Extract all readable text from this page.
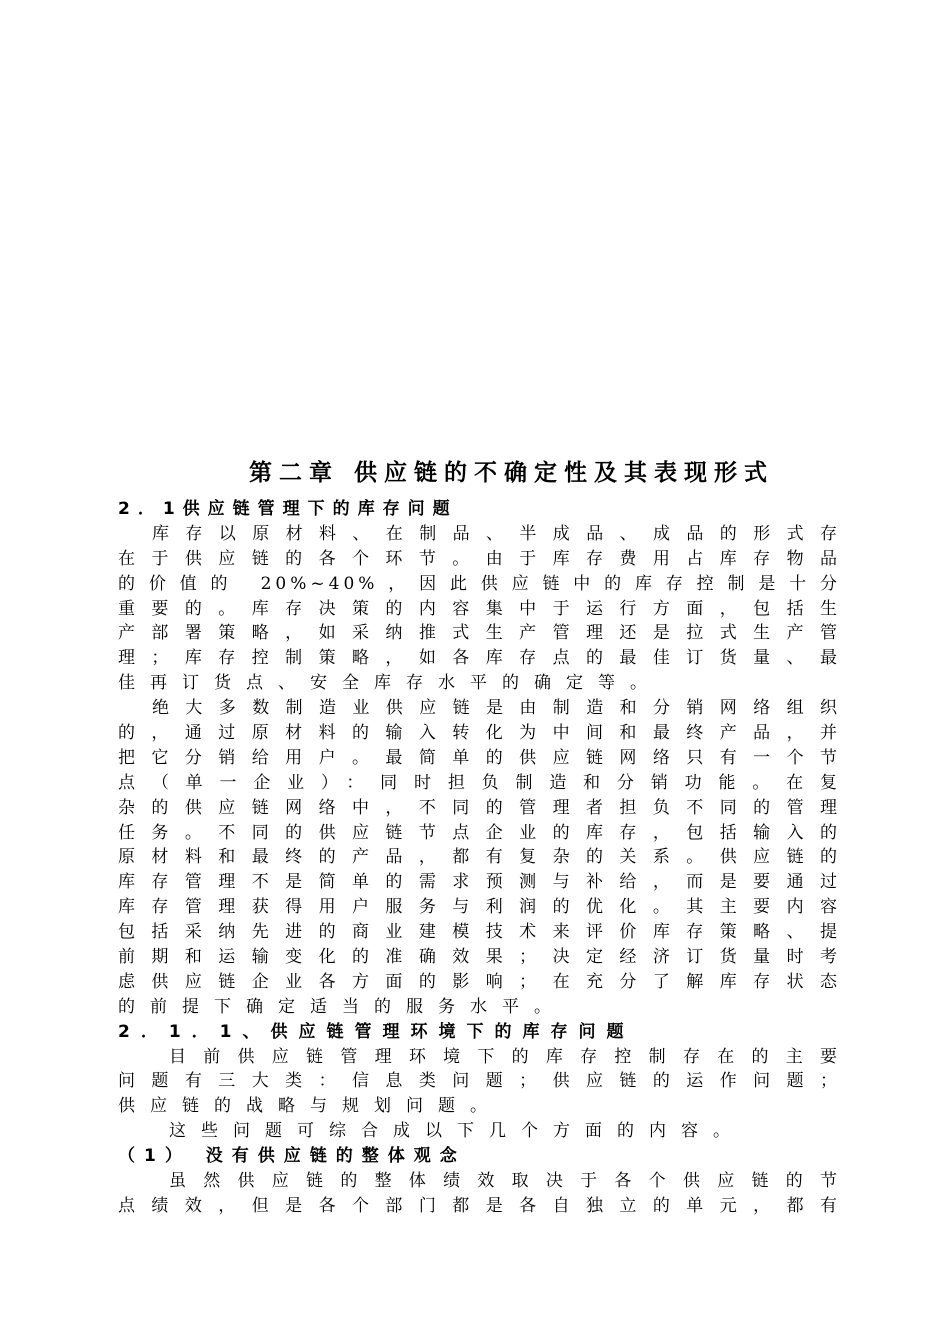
第二章 供应链的不确定性及其表现形式
2．1供应链管理下的库存问题
库存以原材料、在制品、半成品、成品的形式存
在于供应链的各个环节。由于库存费用占库存物品
的价值的 20%~40%，因此供应链中的库存控制是十分
重要的。库存决策的内容集中于运行方面，包括生
产部署策略，如采纳推式生产管理还是拉式生产管
理；库存控制策略，如各库存点的最佳订货量、最
佳再订货点、安全库存水平的确定等。
绝大多数制造业供应链是由制造和分销网络组织
的，通过原材料的输入转化为中间和最终产品，并
把它分销给用户。最简单的供应链网络只有一个节
点（单一企业）：同时担负制造和分销功能。在复
杂的供应链网络中，不同的管理者担负不同的管理
任务。不同的供应链节点企业的库存，包括输入的
原材料和最终的产品，都有复杂的关系。供应链的
库存管理不是简单的需求预测与补给，而是要通过
库存管理获得用户服务与利润的优化。其主要内容
包括采纳先进的商业建模技术来评价库存策略、提
前期和运输变化的准确效果；决定经济订货量时考
虑供应链企业各方面的影响；在充分了解库存状态
的前提下确定适当的服务水平。
2．1．1、供应链管理环境下的库存问题
目前供应链管理环境下的库存控制存在的主要
问题有三大类：信息类问题；供应链的运作问题；
供应链的战略与规划问题。
这些问题可综合成以下几个方面的内容。
（1） 没有供应链的整体观念
虽然供应链的整体绩效取决于各个供应链的节
点绩效，但是各个部门都是各自独立的单元，都有
